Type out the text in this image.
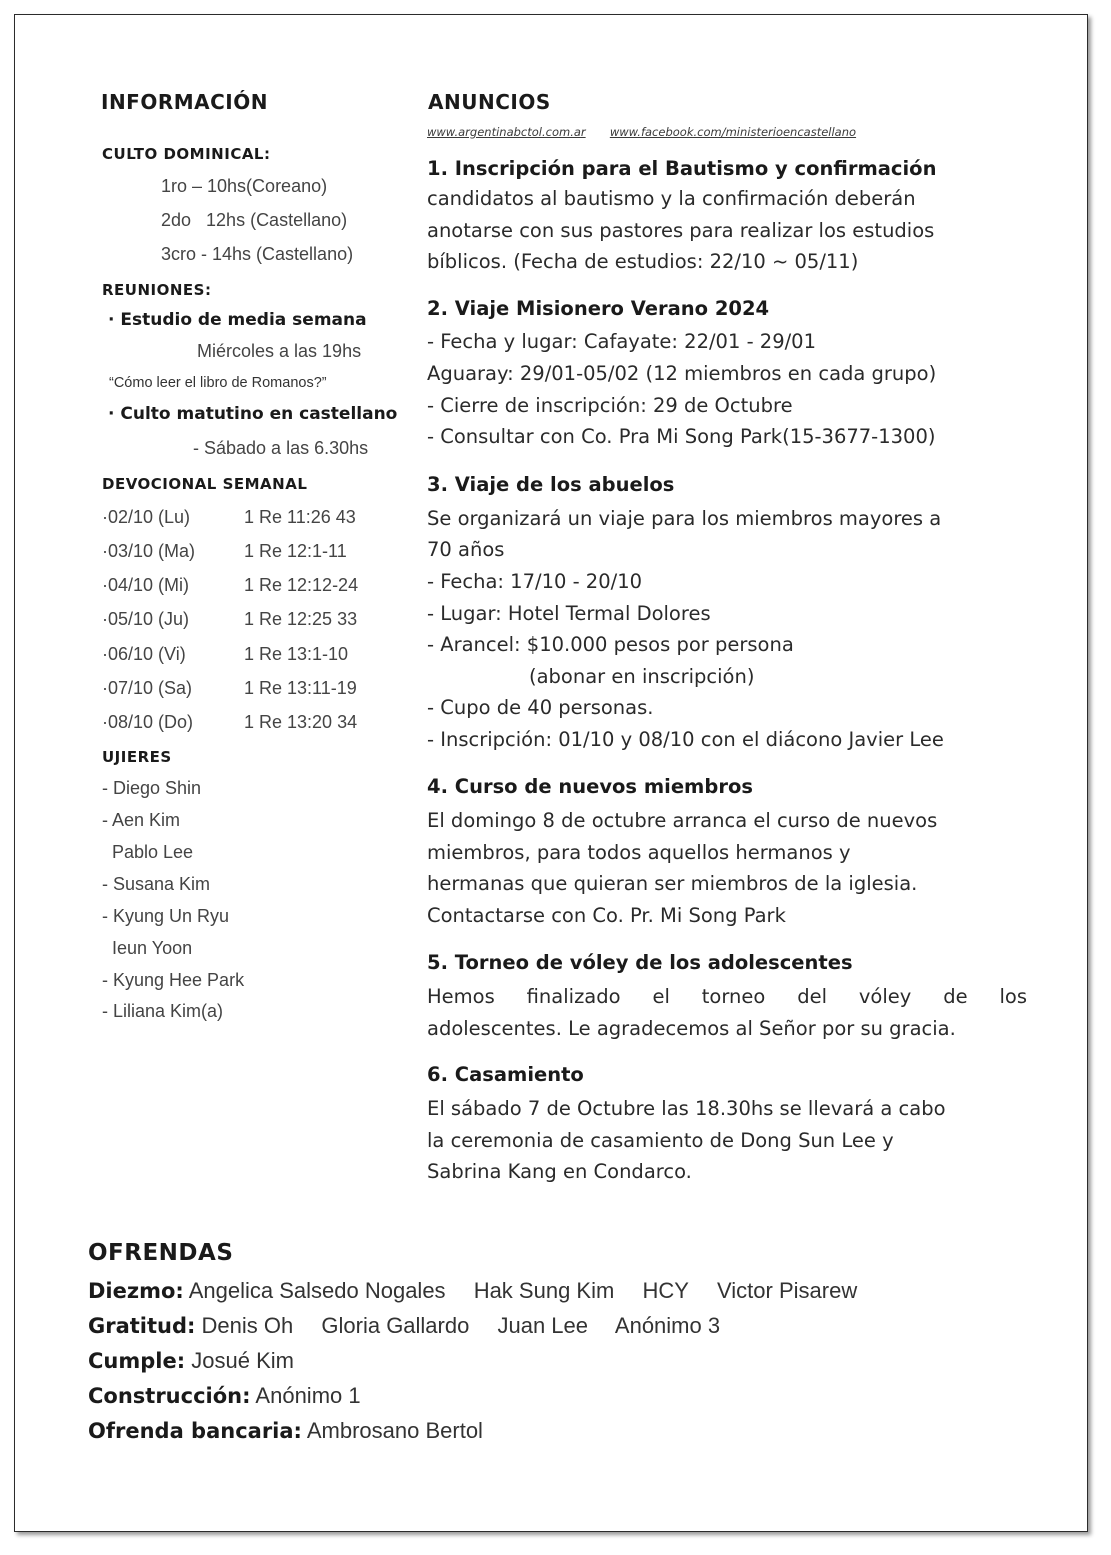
INFORMACIÓN
CULTO DOMINICAL:
1ro – 10hs(Coreano)
2do   12hs (Castellano)
3cro - 14hs (Castellano)
REUNIONES:
· Estudio de media semana
Miércoles a las 19hs
“Cómo leer el libro de Romanos?”
· Culto matutino en castellano
- Sábado a las 6.30hs
DEVOCIONAL SEMANAL
·02/10 (Lu)	1 Re 11:26 43
·03/10 (Ma)	1 Re 12:1-11
·04/10 (Mi)	1 Re 12:12-24
·05/10 (Ju)	1 Re 12:25 33
·06/10 (Vi)	1 Re 13:1-10
·07/10 (Sa)	1 Re 13:11-19
·08/10 (Do)	1 Re 13:20 34
UJIERES
- Diego Shin
- Aen Kim
Pablo Lee
- Susana Kim
- Kyung Un Ryu
Ieun Yoon
- Kyung Hee Park
- Liliana Kim(a)
ANUNCIOS
www.argentinabctol.com.ar www.facebook.com/ministerioencastellano
1. Inscripción para el Bautismo y confirmación
candidatos al bautismo y la confirmación deberán
anotarse con sus pastores para realizar los estudios
bíblicos. (Fecha de estudios: 22/10 ~ 05/11)
2. Viaje Misionero Verano 2024
- Fecha y lugar: Cafayate: 22/01 - 29/01
Aguaray: 29/01-05/02 (12 miembros en cada grupo)
- Cierre de inscripción: 29 de Octubre
- Consultar con Co. Pra Mi Song Park(15-3677-1300)
3. Viaje de los abuelos
Se organizará un viaje para los miembros mayores a
70 años
- Fecha: 17/10 - 20/10
- Lugar: Hotel Termal Dolores
- Arancel: $10.000 pesos por persona
(abonar en inscripción)
- Cupo de 40 personas.
- Inscripción: 01/10 y 08/10 con el diácono Javier Lee
4. Curso de nuevos miembros
El domingo 8 de octubre arranca el curso de nuevos
miembros, para todos aquellos hermanos y
hermanas que quieran ser miembros de la iglesia.
Contactarse con Co. Pr. Mi Song Park
5. Torneo de vóley de los adolescentes
Hemos finalizado el torneo del vóley de los
adolescentes. Le agradecemos al Señor por su gracia.
6. Casamiento
El sábado 7 de Octubre las 18.30hs se llevará a cabo
la ceremonia de casamiento de Dong Sun Lee y
Sabrina Kang en Condarco.
OFRENDAS
Diezmo: Angelica Salsedo Nogales Hak Sung Kim HCY Victor Pisarew
Gratitud: Denis Oh Gloria Gallardo Juan Lee Anónimo 3
Cumple: Josué Kim
Construcción: Anónimo 1
Ofrenda bancaria: Ambrosano Bertol
